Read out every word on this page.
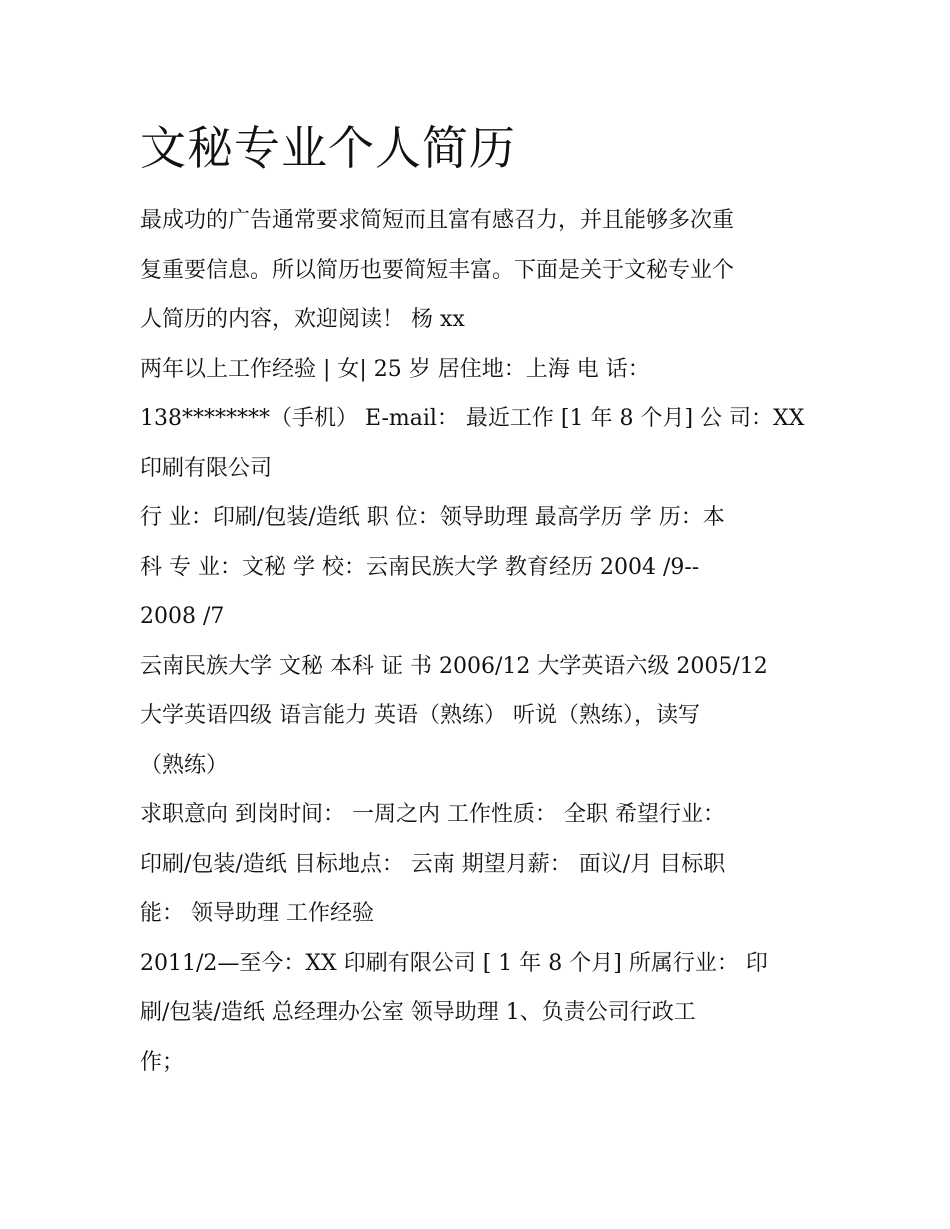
文秘专业个人简历
最成功的广告通常要求简短而且富有感召力，并且能够多次重
复重要信息。所以简历也要简短丰富。下面是关于文秘专业个
人简历的内容，欢迎阅读！ 杨 xx
两年以上工作经验 | 女| 25 岁 居住地：上海 电 话：
138********（手机） E-mail： 最近工作 [1 年 8 个月] 公 司：XX
印刷有限公司
行 业：印刷/包装/造纸 职 位：领导助理 最高学历 学 历：本
科 专 业：文秘 学 校：云南民族大学 教育经历 2004 /9--
2008 /7
云南民族大学 文秘 本科 证 书 2006/12 大学英语六级 2005/12
大学英语四级 语言能力 英语（熟练） 听说（熟练），读写
（熟练）
求职意向 到岗时间： 一周之内 工作性质： 全职 希望行业：
印刷/包装/造纸 目标地点： 云南 期望月薪： 面议/月 目标职
能： 领导助理 工作经验
2011/2—至今：XX 印刷有限公司 [ 1 年 8 个月] 所属行业： 印
刷/包装/造纸 总经理办公室 领导助理 1、负责公司行政工
作；
